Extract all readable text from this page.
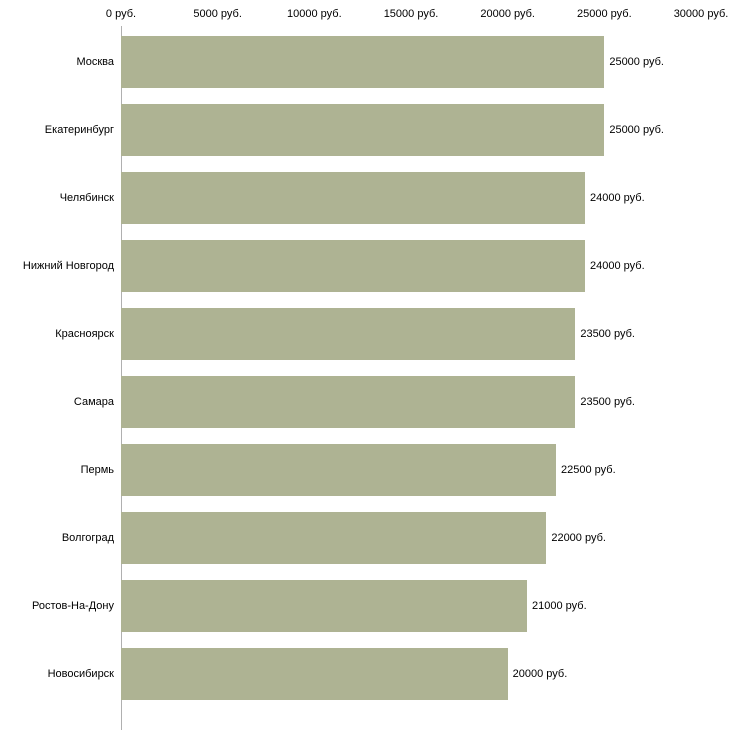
0 руб.	5000 руб.	10000 руб.	15000 руб.	20000 руб.	25000 руб.	30000 руб.
Москва	25000 руб.
Екатеринбург	25000 руб.
Челябинск	24000 руб.
Нижний Новгород	24000 руб.
Красноярск	23500 руб.
Самара	23500 руб.
Пермь	22500 руб.
Волгоград	22000 руб.
Ростов-На-Дону	21000 руб.
Новосибирск	20000 руб.
